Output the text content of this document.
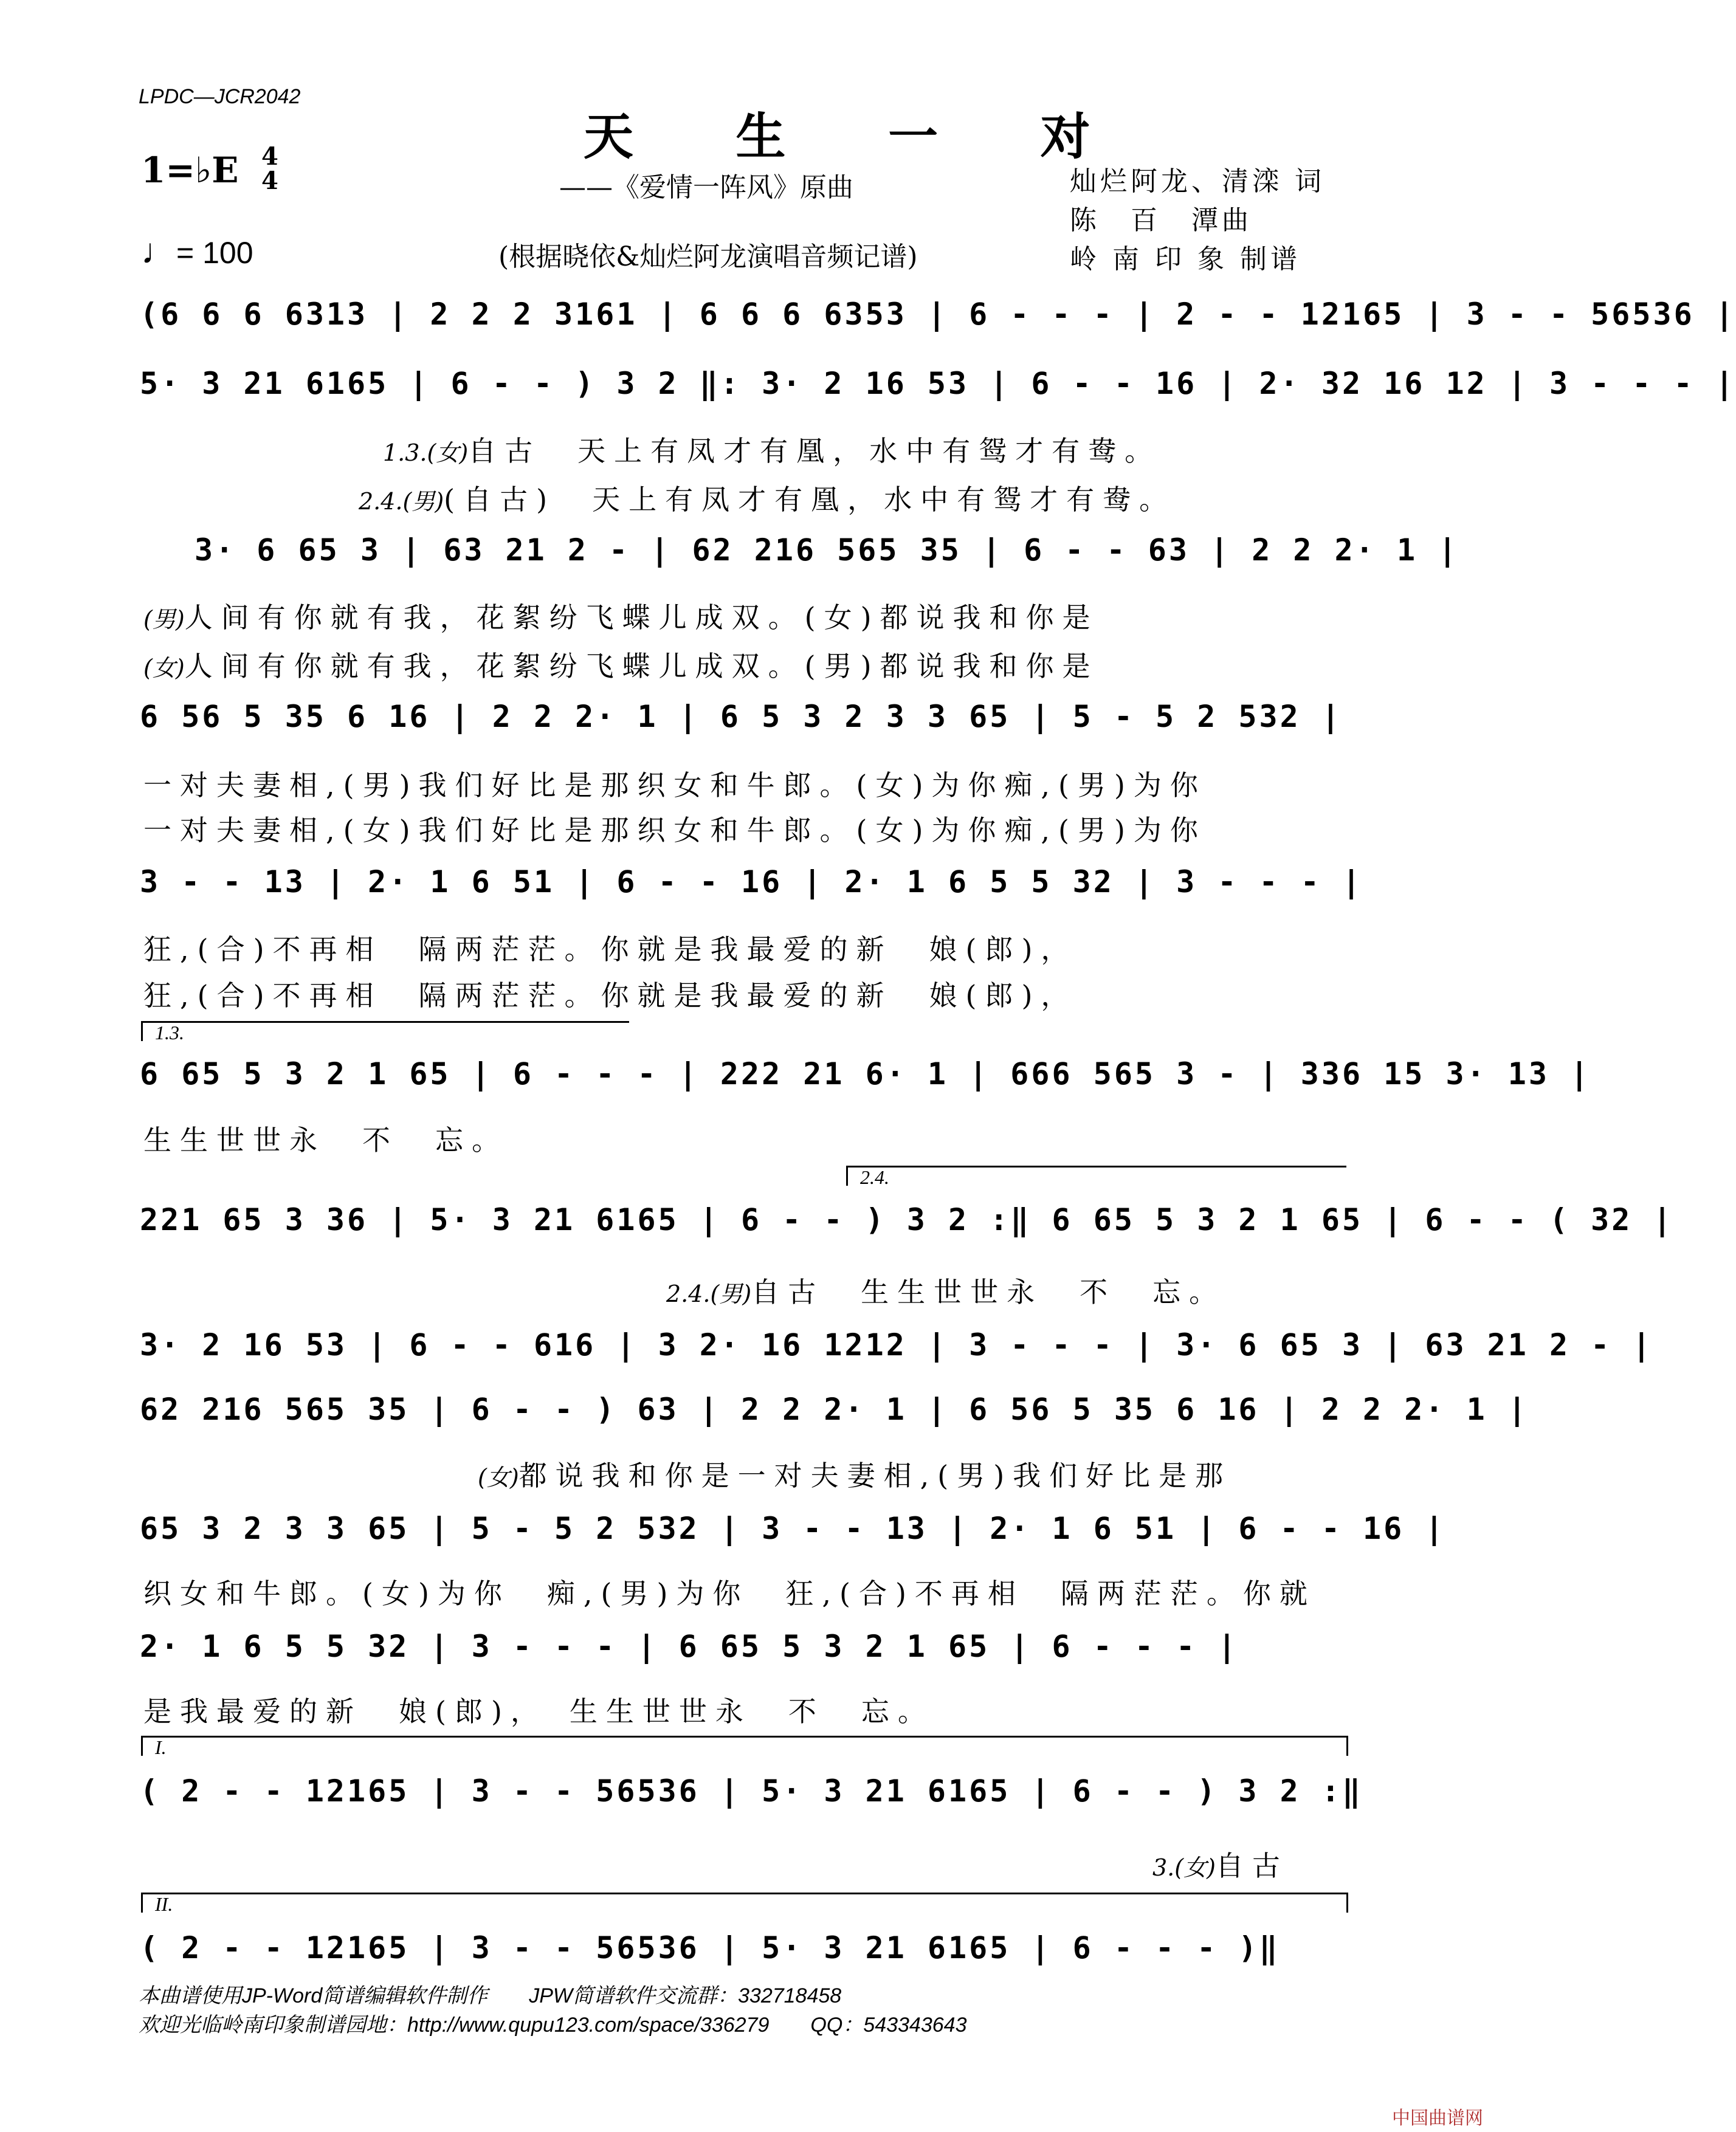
LPDC—JCR2042
天 生 一 对
——《爱情一阵风》原曲
(根据晓依&灿烂阿龙演唱音频记谱)
灿烂阿龙、清滦 词
陈　百　潭曲
岭 南 印 象 制谱
1=♭E 4
4
♩= 100
(6 6 6 6313 | 2 2 2 3161 | 6 6 6 6353 | 6 - - - | 2 - - 12165 | 3 - - 56536 |
5· 3 21 6165 | 6 - - ) 3 2 ‖: 3· 2 16 53 | 6 - - 16 | 2· 32 16 12 | 3 - - - |
1.3.(女)自古　天上有凤才有凰，水中有鸳才有鸯。
2.4.(男)(自古)　天上有凤才有凰，水中有鸳才有鸯。
3· 6 65 3 | 63 21 2 - | 62 216 565 35 | 6 - - 63 | 2 2 2· 1 |
(男)人间有你就有我，花絮纷飞蝶儿成双。(女)都说我和你是
(女)人间有你就有我，花絮纷飞蝶儿成双。(男)都说我和你是
6 56 5 35 6 16 | 2 2 2· 1 | 6 5 3 2 3 3 65 | 5 - 5 2 532 |
一对夫妻相,(男)我们好比是那织女和牛郎。(女)为你痴,(男)为你
一对夫妻相,(女)我们好比是那织女和牛郎。(女)为你痴,(男)为你
3 - - 13 | 2· 1 6 51 | 6 - - 16 | 2· 1 6 5 5 32 | 3 - - - |
狂,(合)不再相　隔两茫茫。你就是我最爱的新　娘(郎)，
狂,(合)不再相　隔两茫茫。你就是我最爱的新　娘(郎)，
1.3.
6 65 5 3 2 1 65 | 6 - - - | 222 21 6· 1 | 666 565 3 - | 336 15 3· 13 |
生生世世永　不　忘。
2.4.
221 65 3 36 | 5· 3 21 6165 | 6 - - ) 3 2 :‖ 6 65 5 3 2 1 65 | 6 - - ( 32 |
2.4.(男)自古　生生世世永　不　忘。
3· 2 16 53 | 6 - - 616 | 3 2· 16 1212 | 3 - - - | 3· 6 65 3 | 63 21 2 - |
62 216 565 35 | 6 - - ) 63 | 2 2 2· 1 | 6 56 5 35 6 16 | 2 2 2· 1 |
(女)都说我和你是一对夫妻相,(男)我们好比是那
65 3 2 3 3 65 | 5 - 5 2 532 | 3 - - 13 | 2· 1 6 51 | 6 - - 16 |
织女和牛郎。(女)为你　痴,(男)为你　狂,(合)不再相　隔两茫茫。你就
2· 1 6 5 5 32 | 3 - - - | 6 65 5 3 2 1 65 | 6 - - - |
是我最爱的新　娘(郎)，　生生世世永　不　忘。
I.
( 2 - - 12165 | 3 - - 56536 | 5· 3 21 6165 | 6 - - ) 3 2 :‖
3.(女)自古
II.
( 2 - - 12165 | 3 - - 56536 | 5· 3 21 6165 | 6 - - - )‖
本曲谱使用JP-Word简谱编辑软件制作　　JPW简谱软件交流群：332718458
欢迎光临岭南印象制谱园地：http://www.qupu123.com/space/336279　　QQ：543343643
中国曲谱网
